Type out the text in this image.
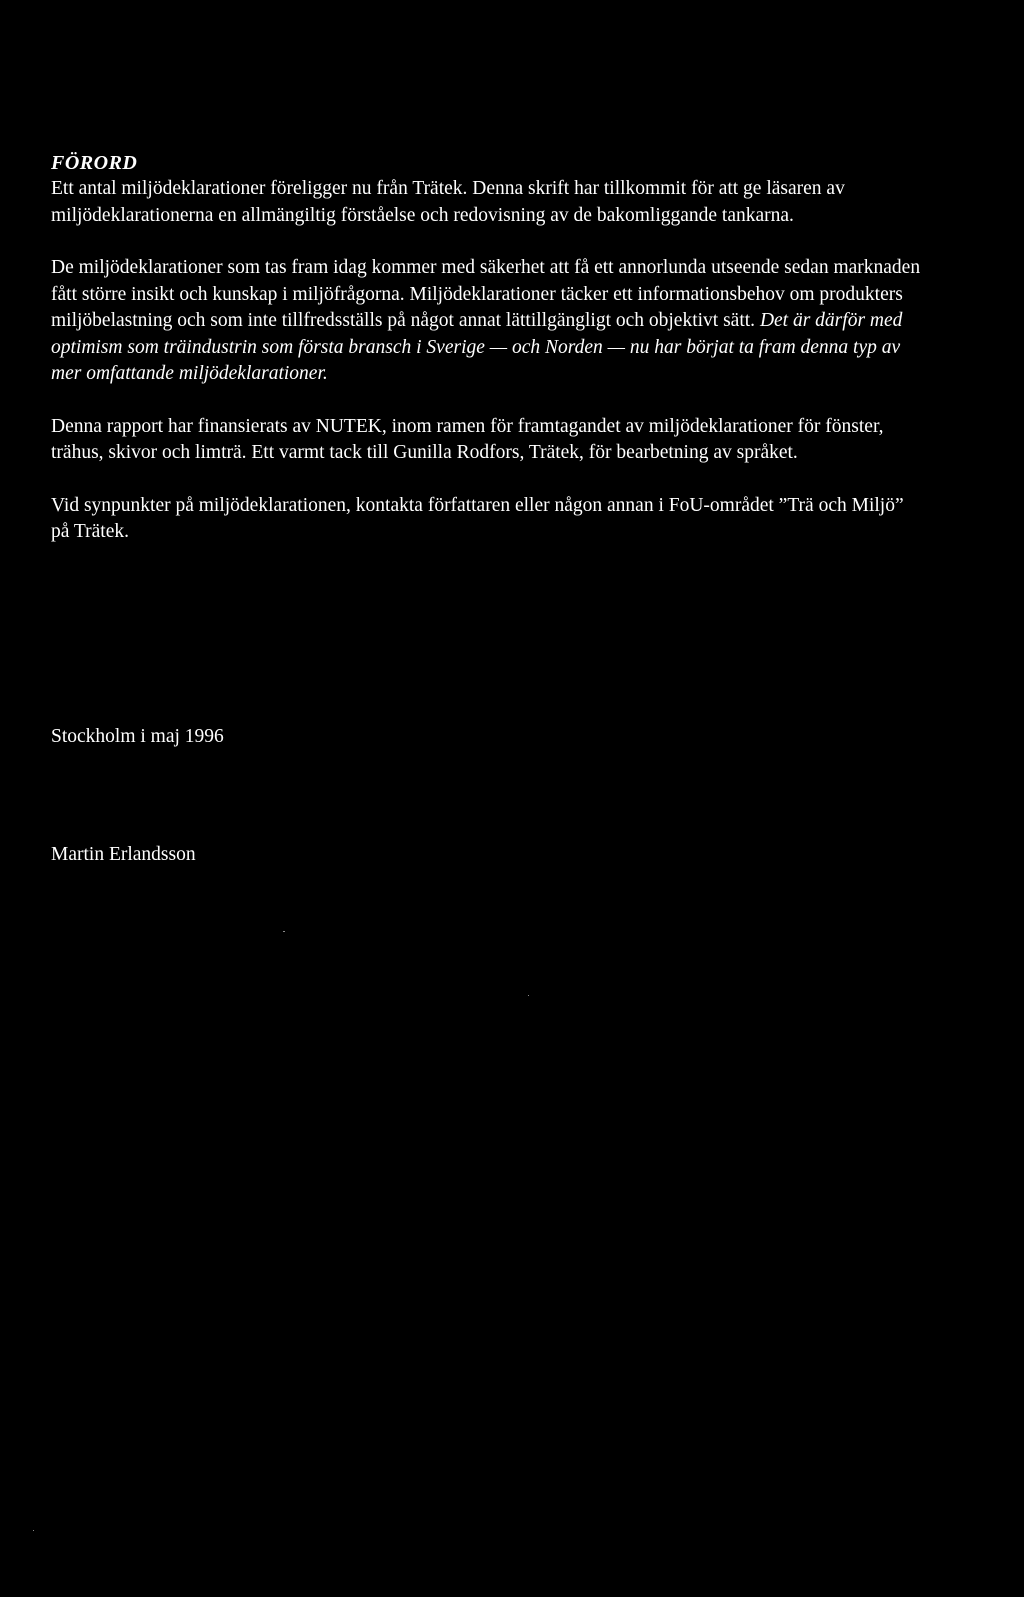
FÖRORD

Ett antal miljödeklarationer föreligger nu från Trätek. Denna skrift har tillkommit för att ge läsaren av miljödeklarationerna en allmängiltig förståelse och redovisning av de bakomliggande tankarna.

De miljödeklarationer som tas fram idag kommer med säkerhet att få ett annorlunda utseende sedan marknaden fått större insikt och kunskap i miljöfrågorna. Miljödeklarationer täcker ett informationsbehov om produkters miljöbelastning och som inte tillfredsställs på något annat lättillgängligt och objektivt sätt. Det är därför med optimism som träindustrin som första bransch i Sverige — och Norden — nu har börjat ta fram denna typ av mer omfattande miljödeklarationer.

Denna rapport har finansierats av NUTEK, inom ramen för framtagandet av miljödeklarationer för fönster, trähus, skivor och limträ. Ett varmt tack till Gunilla Rodfors, Trätek, för bearbetning av språket.

Vid synpunkter på miljödeklarationen, kontakta författaren eller någon annan i FoU-området ”Trä och Miljö” på Trätek.

Stockholm i maj 1996
Martin Erlandsson
